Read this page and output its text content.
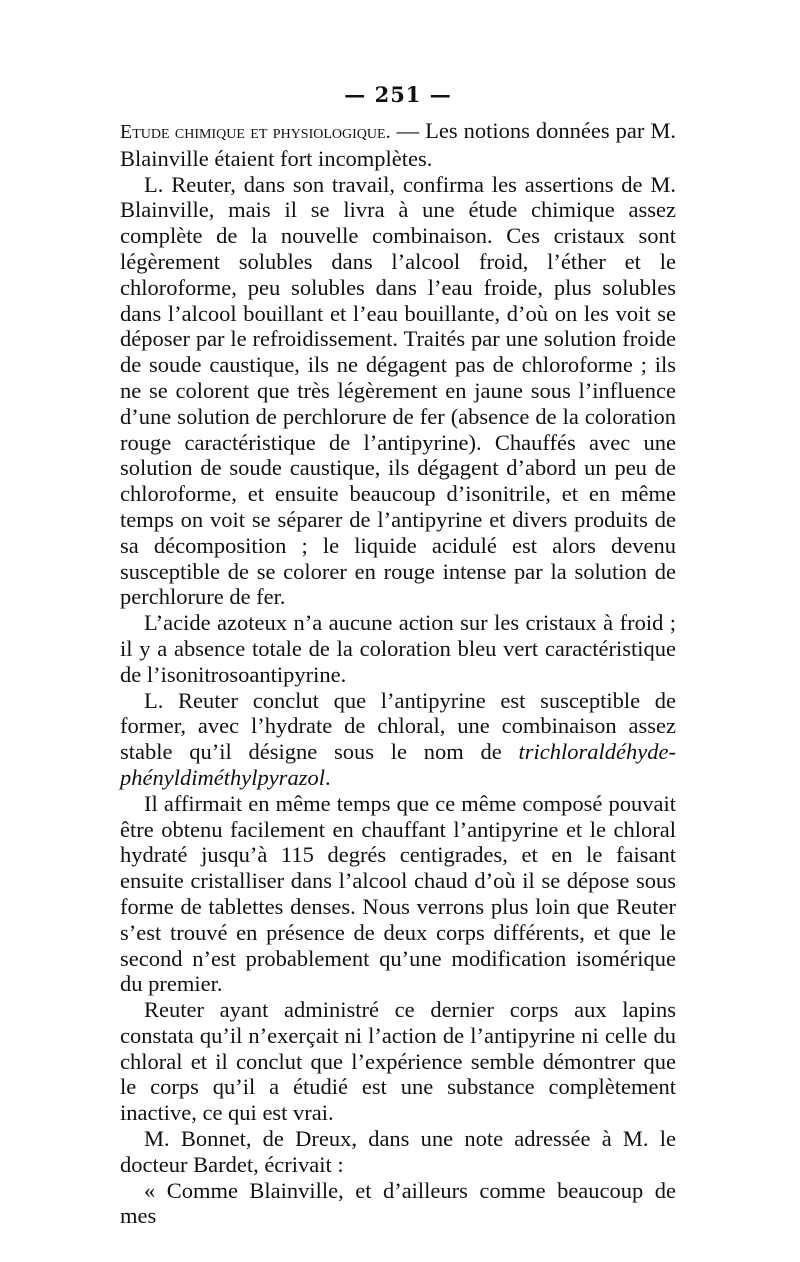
— 251 —

Etude chimique et physiologique. — Les notions données par M. Blainville étaient fort incomplètes.

L. Reuter, dans son travail, confirma les assertions de M. Blainville, mais il se livra à une étude chimique assez complète de la nouvelle combinaison. Ces cristaux sont légèrement solubles dans l’alcool froid, l’éther et le chloroforme, peu solubles dans l’eau froide, plus solubles dans l’alcool bouillant et l’eau bouillante, d’où on les voit se déposer par le refroidissement. Traités par une solution froide de soude caustique, ils ne dégagent pas de chloroforme ; ils ne se colorent que très légèrement en jaune sous l’influence d’une solution de perchlorure de fer (absence de la coloration rouge caractéristique de l’antipyrine). Chauffés avec une solution de soude caustique, ils dégagent d’abord un peu de chloroforme, et ensuite beaucoup d’isonitrile, et en même temps on voit se séparer de l’antipyrine et divers produits de sa décomposition ; le liquide acidulé est alors devenu susceptible de se colorer en rouge intense par la solution de perchlorure de fer.

L’acide azoteux n’a aucune action sur les cristaux à froid ; il y a absence totale de la coloration bleu vert caractéristique de l’isonitrosoantipyrine.

L. Reuter conclut que l’antipyrine est susceptible de former, avec l’hydrate de chloral, une combinaison assez stable qu’il désigne sous le nom de trichloraldéhyde-phényldiméthylpyrazol.

Il affirmait en même temps que ce même composé pouvait être obtenu facilement en chauffant l’antipyrine et le chloral hydraté jusqu’à 115 degrés centigrades, et en le faisant ensuite cristalliser dans l’alcool chaud d’où il se dépose sous forme de tablettes denses. Nous verrons plus loin que Reuter s’est trouvé en présence de deux corps différents, et que le second n’est probablement qu’une modification isomérique du premier.

Reuter ayant administré ce dernier corps aux lapins constata qu’il n’exerçait ni l’action de l’antipyrine ni celle du chloral et il conclut que l’expérience semble démontrer que le corps qu’il a étudié est une substance complètement inactive, ce qui est vrai.

M. Bonnet, de Dreux, dans une note adressée à M. le docteur Bardet, écrivait :

« Comme Blainville, et d’ailleurs comme beaucoup de mes
